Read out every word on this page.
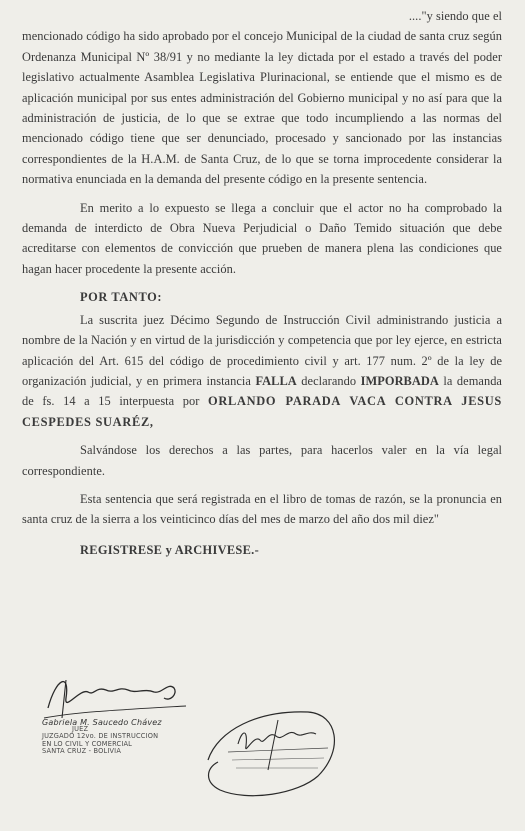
...."y siendo que el

mencionado código ha sido aprobado por el concejo Municipal de la ciudad de santa cruz según Ordenanza Municipal Nº 38/91 y no mediante la ley dictada por el estado a través del poder legislativo actualmente Asamblea Legislativa Plurinacional, se entiende que el mismo es de aplicación municipal por sus entes administración del Gobierno municipal y no así para que la administración de justicia, de lo que se extrae que todo incumpliendo a las normas del mencionado código tiene que ser denunciado, procesado y sancionado por las instancias correspondientes de la H.A.M. de Santa Cruz, de lo que se torna improcedente considerar la normativa enunciada en la demanda del presente código en la presente sentencia.

En merito a lo expuesto se llega a concluir que el actor no ha comprobado la demanda de interdicto de Obra Nueva Perjudicial o Daño Temido situación que debe acreditarse con elementos de convicción que prueben de manera plena las condiciones que hagan hacer procedente la presente acción.

POR TANTO:

La suscrita juez Décimo Segundo de Instrucción Civil administrando justicia a nombre de la Nación y en virtud de la jurisdicción y competencia que por ley ejerce, en estricta aplicación del Art. 615 del código de procedimiento civil y art. 177 num. 2º de la ley de organización judicial, y en primera instancia FALLA declarando IMPORBADA la demanda de fs. 14 a 15 interpuesta por ORLANDO PARADA VACA CONTRA JESUS CESPEDES SUARÉZ,

Salvándose los derechos a las partes, para hacerlos valer en la vía legal correspondiente.

Esta sentencia que será registrada en el libro de tomas de razón, se la pronuncia en santa cruz de la sierra a los veinticinco días del mes de marzo del año dos mil diez"

REGISTRESE y ARCHIVESE.-

Gabriela M. Saucedo Chávez
JUEZ
JUZGADO 12vo. DE INSTRUCCION
EN LO CIVIL Y COMERCIAL
SANTA CRUZ - BOLIVIA
